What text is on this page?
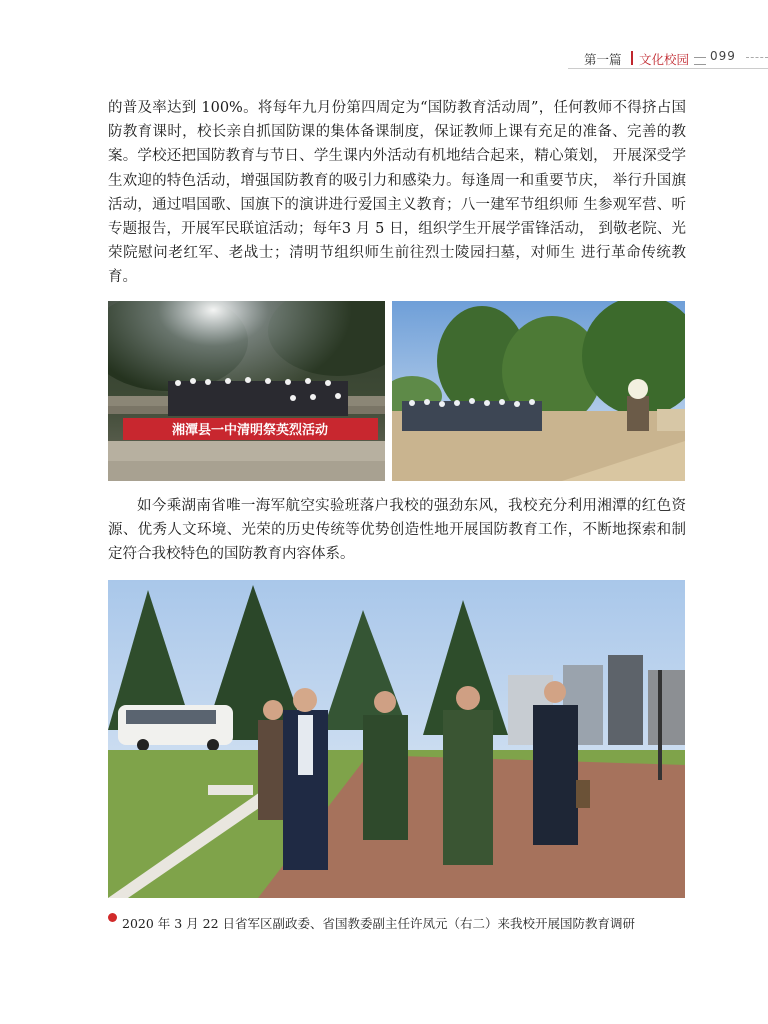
第一篇 文化校园 099

的普及率达到 100%。将每年九月份第四周定为“国防教育活动周”，任何教师不得挤占国防教育课时，校长亲自抓国防课的集体备课制度，保证教师上课有充足的准备、完善的教案。学校还把国防教育与节日、学生课内外活动有机地结合起来，精心策划， 开展深受学生欢迎的特色活动，增强国防教育的吸引力和感染力。每逢周一和重要节庆， 举行升国旗活动，通过唱国歌、国旗下的演讲进行爱国主义教育；八一建军节组织师 生参观军营、听专题报告，开展军民联谊活动；每年3 月 5 日，组织学生开展学雷锋活动， 到敬老院、光荣院慰问老红军、老战士；清明节组织师生前往烈士陵园扫墓，对师生 进行革命传统教育。

湘潭县一中清明祭英烈活动

如今乘湖南省唯一海军航空实验班落户我校的强劲东风，我校充分利用湘潭的红色资源、优秀人文环境、光荣的历史传统等优势创造性地开展国防教育工作，不断地探索和制定符合我校特色的国防教育内容体系。

2020 年 3 月 22 日省军区副政委、省国教委副主任许凤元（右二）来我校开展国防教育调研
